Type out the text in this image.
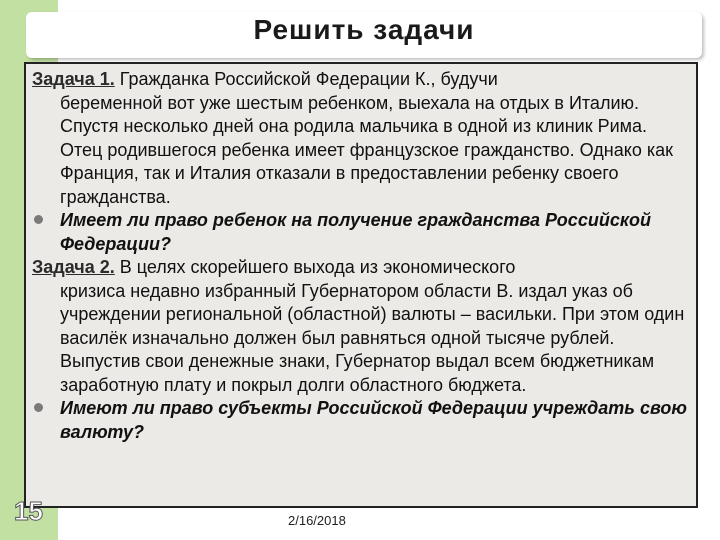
Решить задачи

Задача 1. Гражданка Российской Федерации К., будучи
беременной вот уже шестым ребенком, выехала на отдых в Италию. Спустя несколько дней она родила мальчика в одной из клиник Рима. Отец родившегося ребенка имеет французское гражданство. Однако как Франция, так и Италия отказали в предоставлении ребенку своего гражданства.

Имеет ли право ребенок на получение гражданства Российской Федерации?

Задача 2. В целях скорейшего выхода из экономического
кризиса недавно избранный Губернатором области В. издал указ об учреждении региональной (областной) валюты – васильки. При этом один василёк изначально должен был равняться одной тысяче рублей. Выпустив свои денежные знаки, Губернатор выдал всем бюджетникам заработную плату и покрыл долги областного бюджета.

Имеют ли право субъекты Российской Федерации учреждать свою валюту?
15	2/16/2018
